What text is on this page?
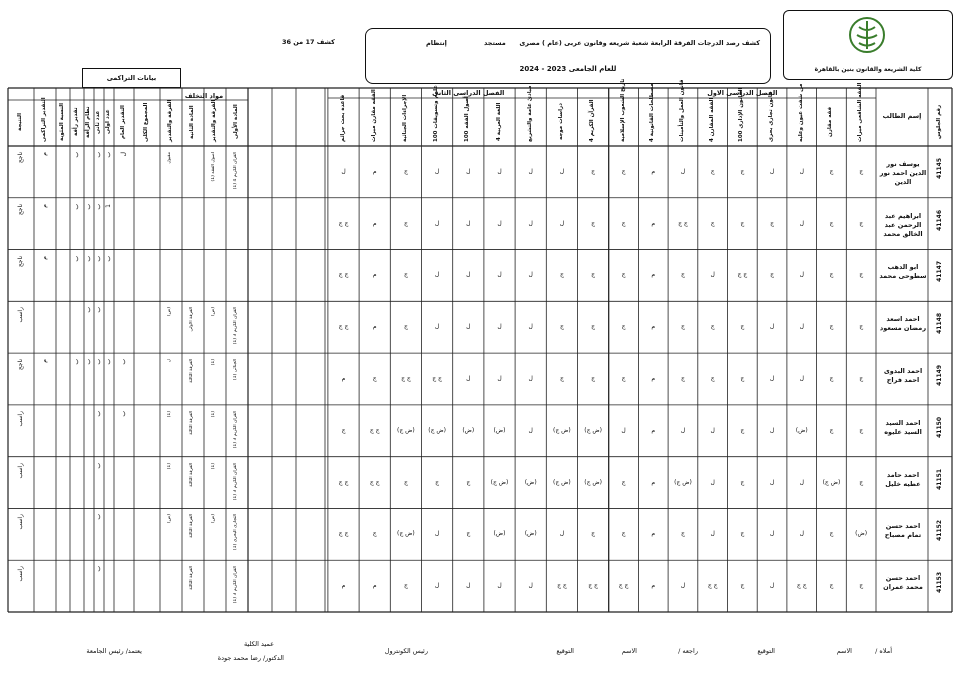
كلية الشريعة والقانون بنين بالقاهرة
كشف رصد الدرجات الفرقة الرابعة شعبة شريعه وقانون عربى (عام ) مصرى
مستجد
إنتظام
للعام الجامعى 2023 - 2024
كشف 17 من 36
بيانات التراكمى
الفصل الدراسى الاول
الفصل الدراسى الثانى
مواد التخلف
رقم الجلوس
إسم الطالب
الفقه الشافعى ميراث
فقه مقارن
من شفت عيون وعليه
قانون تجارى بحرى
القانون الإدارى 100
الفقه المقارن 4
قانون العمل والتأمينات
مصطلحات القانونية 4
تاريخ الشعوب الإسلامية
القرآن الكريم 4
دراسات موجه
مبادئ عامة والتشريع
اللغة العربية 4
أصول الفقه 100
علوم وتسويقات 100
الإجراءات الجنائية
الفقه مقارن ميراث
قاعدة بحث جرائم
المادة الأولى
الفرقة والتقدير
المادة الثانية
الفرقة والتقدير
المجموع الكلى
التقدير العام
عدد اولى
عدد ثانى
نظام الرأفة
تقدير رأفة
النسبة المئوية
التقدير التراكمى
النتيجة
41145
يوسف نور الدين احمد نور الدين
ج
ج
ل
ل
ج
ج
ل
م
ج
ج
ل
ل
ل
ل
ل
ج
م
ل
القرآن الكريم 4 (1)
أصول الفقه (1)
مقبول
ل
ب
ب
ب
م
ناجح
41146
ابراهيم عبد الرحمن عبد الخالق محمد
ج
ج
ل
ج
ج
ج
ج ج
م
ج
ج
ل
ل
ل
ل
ل
ج
م
ج ج
1
ب
ب
ب
م
ناجح
41147
ابو الدهب سطوحى محمد
ج
ج
ل
ج
ج ج
ل
ج
م
ج
ج
ج
ل
ل
ل
ل
ج
م
ج ج
ب
ب
ب
ب
م
ناجح
41148
احمد اسعد رمضان مسعود
ج
ج
ل
ل
ج
ج
ج
م
ج
ج
ج
ل
ل
ل
ل
ج
م
ج ج
القرآن الكريم 3 (1)
(ض)
الفرقة الأولى
(ض)
ب
ب
راسب
41149
احمد البدوى احمد فراج
ج
ج
ل
ل
ج
ج
ج
م
ج
ج
ج
ل
ل
ل
ج ج
ج ج
ج
م
الجنائى (1)
(1)
الفرقة الثالثة
ل
ب
ب
ب
ب
ب
م
ناجح
41150
احمد السيد السيد عليوه
ج
ج
(ض)
ل
ج
ل
ل
م
ل
(ض ج)
(ض ج)
ل
(ض)
(ض)
(ض ج)
(ض ج)
ج ج
ج
القرآن الكريم 3 (1)
(1)
الفرقة الثالثة
(1)
ب
ب
راسب
41151
احمد حامد عطيه خليل
ج
(ض ج)
ل
ل
ج
ل
(ض ج)
م
ج
(ض ج)
(ض ج)
(ض)
(ض ج)
ج
ج
ج
ج ج
ج ج
القرآن الكريم 3 (1)
(1)
الفرقة الثالثة
(1)
ب
راسب
41152
احمد حسن تمام مصباح
(ض)
ج
ل
ل
ج
ل
ج
م
ج
ج
ل
(ض)
(ض)
ج
ل
(ض ج)
ج
ج ج
التجارى البحرى (1)
(ض)
الفرقة الثالثة
(ض)
ب
راسب
41153
احمد حسن محمد عمران
ج
ج
ج ج
ل
ج
ج ج
ل
م
ج ج
ج ج
ج ج
ل
ل
ل
ل
ج
م
م
القرآن الكريم 3 (1)
الفرقة الثالثة
ب
راسب
أملاه /
الاسم
التوقيع
راجعه /
الاسم
التوقيع
رئيس الكونترول
عميد الكلية
الدكتور/ رضا محمد جودة
يعتمد/ رئيس الجامعة
